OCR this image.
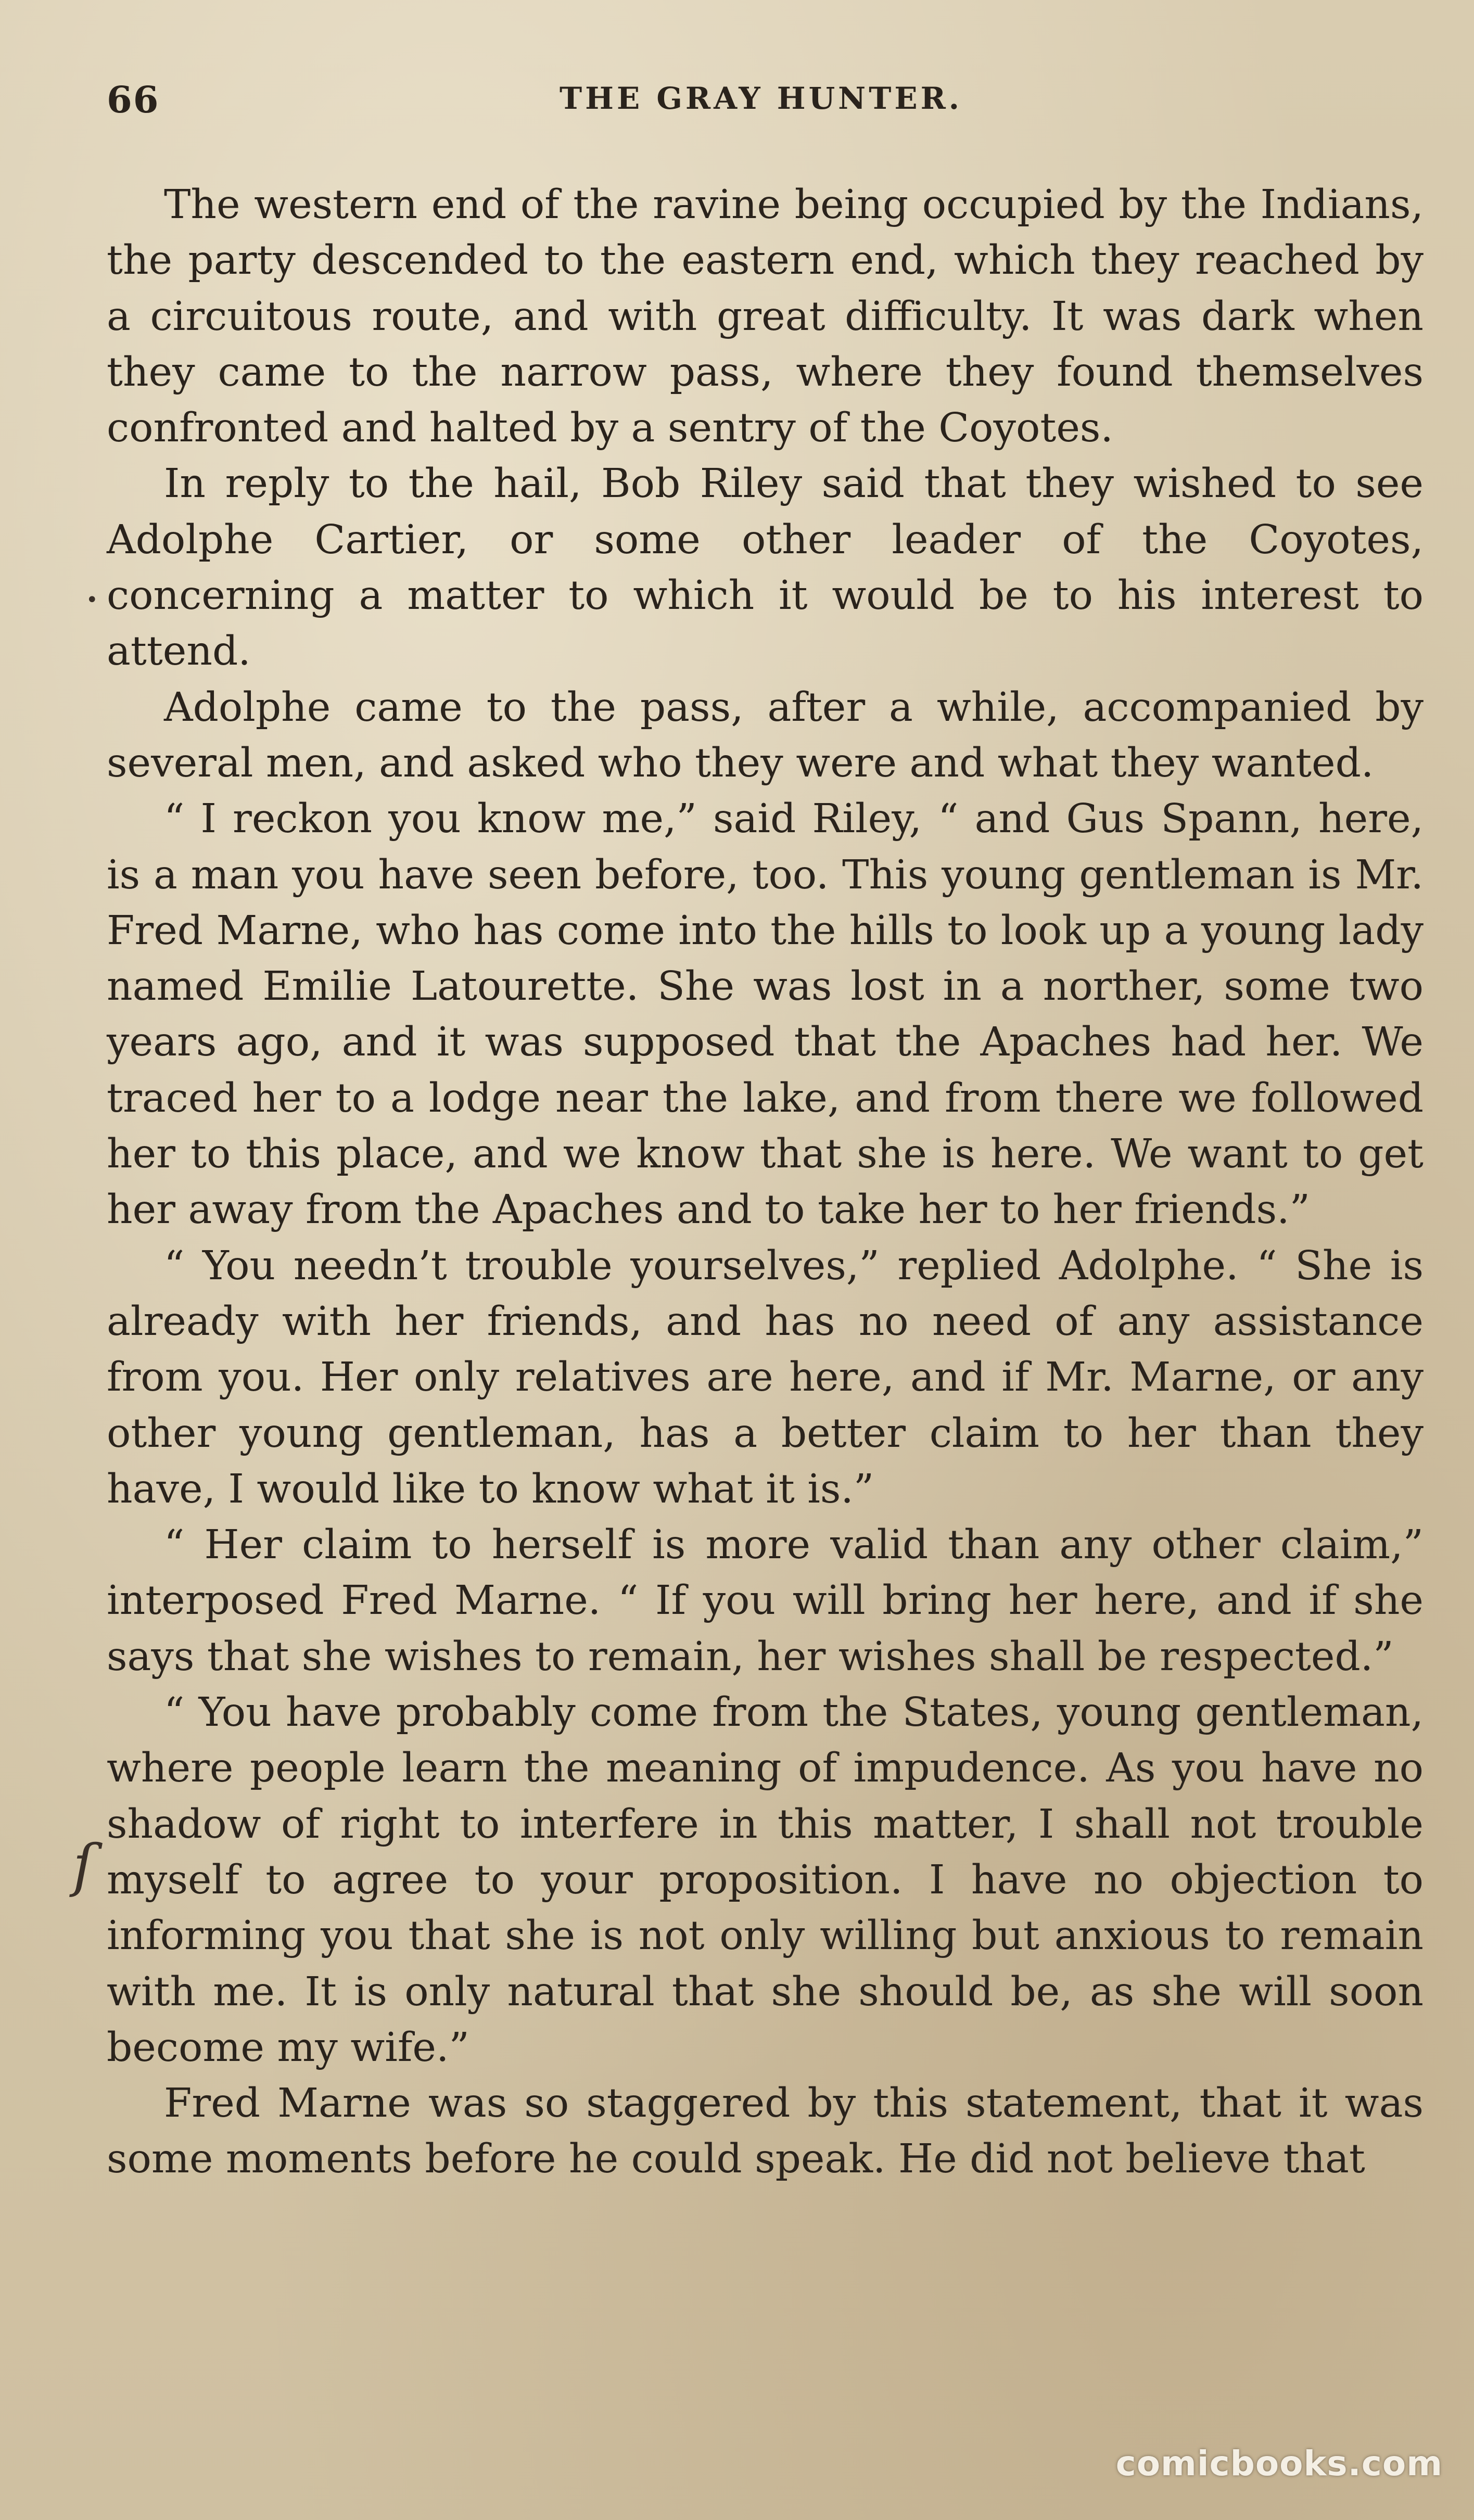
66	THE GRAY HUNTER.

The western end of the ravine being occupied by the Indians, the party descended to the eastern end, which they reached by a circuitous route, and with great difficulty. It was dark when they came to the narrow pass, where they found themselves confronted and halted by a sentry of the Coyotes.

In reply to the hail, Bob Riley said that they wished to see Adolphe Cartier, or some other leader of the Coyotes, concerning a matter to which it would be to his interest to attend.

Adolphe came to the pass, after a while, accompanied by several men, and asked who they were and what they wanted.

“ I reckon you know me,” said Riley, “ and Gus Spann, here, is a man you have seen before, too. This young gentleman is Mr. Fred Marne, who has come into the hills to look up a young lady named Emilie Latourette. She was lost in a norther, some two years ago, and it was supposed that the Apaches had her. We traced her to a lodge near the lake, and from there we followed her to this place, and we know that she is here. We want to get her away from the Apaches and to take her to her friends.”

“ You needn’t trouble yourselves,” replied Adolphe. “ She is already with her friends, and has no need of any assistance from you. Her only relatives are here, and if Mr. Marne, or any other young gentleman, has a better claim to her than they have, I would like to know what it is.”

“ Her claim to herself is more valid than any other claim,” interposed Fred Marne. “ If you will bring her here, and if she says that she wishes to remain, her wishes shall be respected.”

“ You have probably come from the States, young gentleman, where people learn the meaning of impudence. As you have no shadow of right to interfere in this matter, I shall not trouble myself to agree to your proposition. I have no objection to informing you that she is not only willing but anxious to remain with me. It is only natural that she should be, as she will soon become my wife.”

Fred Marne was so staggered by this statement, that it was some moments before he could speak. He did not believe that

•
ſ
comicbooks.com
